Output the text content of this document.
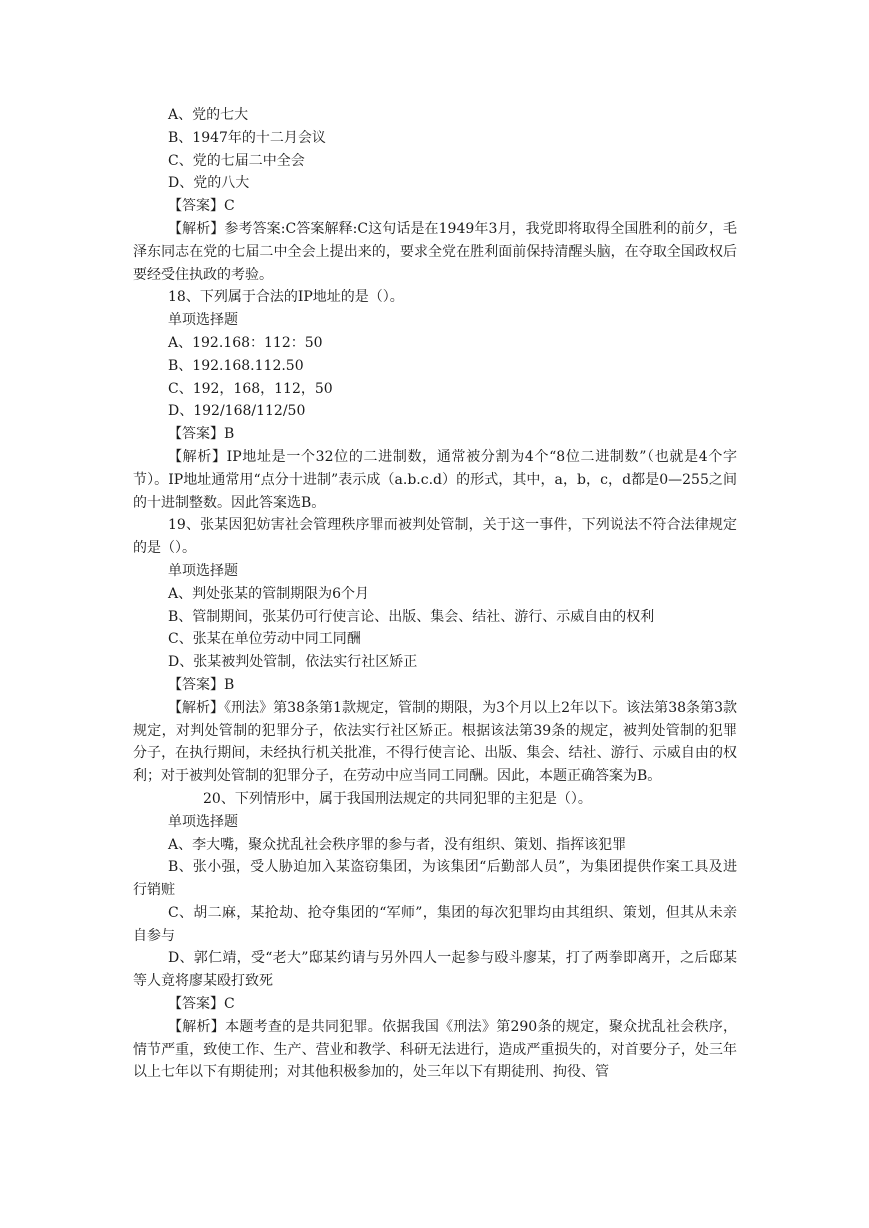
A、党的七大

B、1947年的十二月会议

C、党的七届二中全会

D、党的八大

【答案】C

【解析】参考答案:C答案解释:C这句话是在1949年3月，我党即将取得全国胜利的前夕，毛泽东同志在党的七届二中全会上提出来的，要求全党在胜利面前保持清醒头脑，在夺取全国政权后要经受住执政的考验。

18、下列属于合法的IP地址的是（）。

单项选择题

A、192.168：112：50

B、192.168.112.50

C、192，168，112，50

D、192/168/112/50

【答案】B

【解析】IP地址是一个32位的二进制数，通常被分割为4个“8位二进制数”（也就是4个字节）。IP地址通常用“点分十进制”表示成（a.b.c.d）的形式，其中，a，b，c，d都是0—255之间的十进制整数。因此答案选B。

19、张某因犯妨害社会管理秩序罪而被判处管制，关于这一事件，下列说法不符合法律规定的是（）。

单项选择题

A、判处张某的管制期限为6个月

B、管制期间，张某仍可行使言论、出版、集会、结社、游行、示威自由的权利

C、张某在单位劳动中同工同酬

D、张某被判处管制，依法实行社区矫正

【答案】B

【解析】《刑法》第38条第1款规定，管制的期限，为3个月以上2年以下。该法第38条第3款规定，对判处管制的犯罪分子，依法实行社区矫正。根据该法第39条的规定，被判处管制的犯罪分子，在执行期间，未经执行机关批准，不得行使言论、出版、集会、结社、游行、示威自由的权利；对于被判处管制的犯罪分子，在劳动中应当同工同酬。因此，本题正确答案为B。

20、下列情形中，属于我国刑法规定的共同犯罪的主犯是（）。

单项选择题

A、李大嘴，聚众扰乱社会秩序罪的参与者，没有组织、策划、指挥该犯罪

B、张小强，受人胁迫加入某盗窃集团，为该集团“后勤部人员”，为集团提供作案工具及进行销赃

C、胡二麻，某抢劫、抢夺集团的“军师”，集团的每次犯罪均由其组织、策划，但其从未亲自参与

D、郭仁靖，受“老大”邸某约请与另外四人一起参与殴斗廖某，打了两拳即离开，之后邸某等人竟将廖某殴打致死

【答案】C

【解析】本题考查的是共同犯罪。依据我国《刑法》第290条的规定，聚众扰乱社会秩序，情节严重，致使工作、生产、营业和教学、科研无法进行，造成严重损失的，对首要分子，处三年以上七年以下有期徒刑；对其他积极参加的，处三年以下有期徒刑、拘役、管
